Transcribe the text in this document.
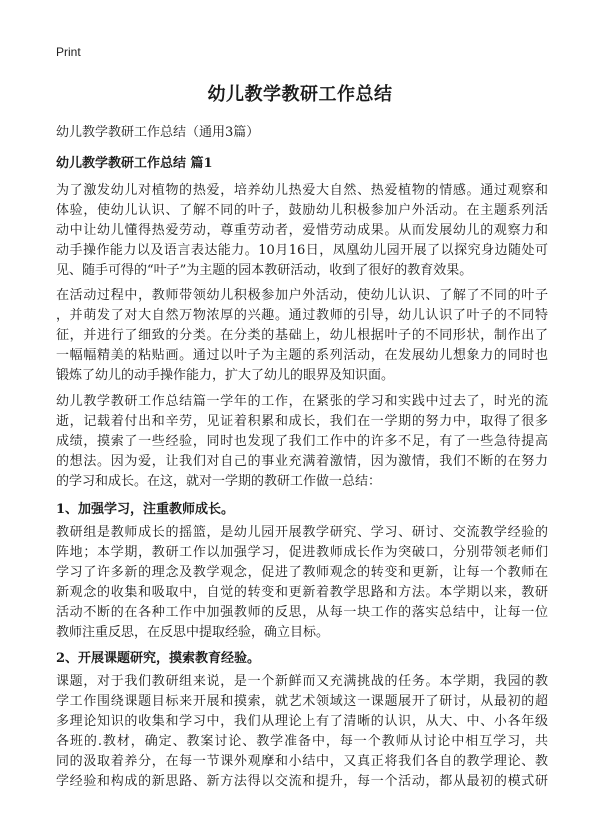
Print
幼儿教学教研工作总结
幼儿教学教研工作总结（通用3篇）
幼儿教学教研工作总结 篇1
为了激发幼儿对植物的热爱，培养幼儿热爱大自然、热爱植物的情感。通过观察和
体验，使幼儿认识、了解不同的叶子，鼓励幼儿积极参加户外活动。在主题系列活
动中让幼儿懂得热爱劳动，尊重劳动者，爱惜劳动成果。从而发展幼儿的观察力和
动手操作能力以及语言表达能力。10月16日，凤凰幼儿园开展了以探究身边随处可
见、随手可得的“叶子”为主题的园本教研活动，收到了很好的教育效果。
在活动过程中，教师带领幼儿积极参加户外活动，使幼儿认识、了解了不同的叶子
，并萌发了对大自然万物浓厚的兴趣。通过教师的引导，幼儿认识了叶子的不同特
征，并进行了细致的分类。在分类的基础上，幼儿根据叶子的不同形状，制作出了
一幅幅精美的粘贴画。通过以叶子为主题的系列活动，在发展幼儿想象力的同时也
锻炼了幼儿的动手操作能力，扩大了幼儿的眼界及知识面。
幼儿教学教研工作总结篇一学年的工作，在紧张的学习和实践中过去了，时光的流
逝，记载着付出和辛劳，见证着积累和成长，我们在一学期的努力中，取得了很多
成绩，摸索了一些经验，同时也发现了我们工作中的许多不足，有了一些急待提高
的想法。因为爱，让我们对自己的事业充满着激情，因为激情，我们不断的在努力
的学习和成长。在这，就对一学期的教研工作做一总结：
1、加强学习，注重教师成长。
教研组是教师成长的摇篮，是幼儿园开展教学研究、学习、研讨、交流教学经验的
阵地；本学期，教研工作以加强学习，促进教师成长作为突破口，分别带领老师们
学习了许多新的理念及教学观念，促进了教师观念的转变和更新，让每一个教师在
新观念的收集和吸取中，自觉的转变和更新着教学思路和方法。本学期以来，教研
活动不断的在各种工作中加强教师的反思，从每一块工作的落实总结中，让每一位
教师注重反思，在反思中提取经验，确立目标。
2、开展课题研究，摸索教育经验。
课题，对于我们教研组来说，是一个新鲜而又充满挑战的任务。本学期，我园的教
学工作围绕课题目标来开展和摸索，就艺术领域这一课题展开了研讨，从最初的超
多理论知识的收集和学习中，我们从理论上有了清晰的认识，从大、中、小各年级
各班的.教材，确定、教案讨论、教学准备中，每一个教师从讨论中相互学习，共
同的汲取着养分，在每一节课外观摩和小结中，又真正将我们各自的教学理论、教
学经验和构成的新思路、新方法得以交流和提升，每一个活动，都从最初的模式研
